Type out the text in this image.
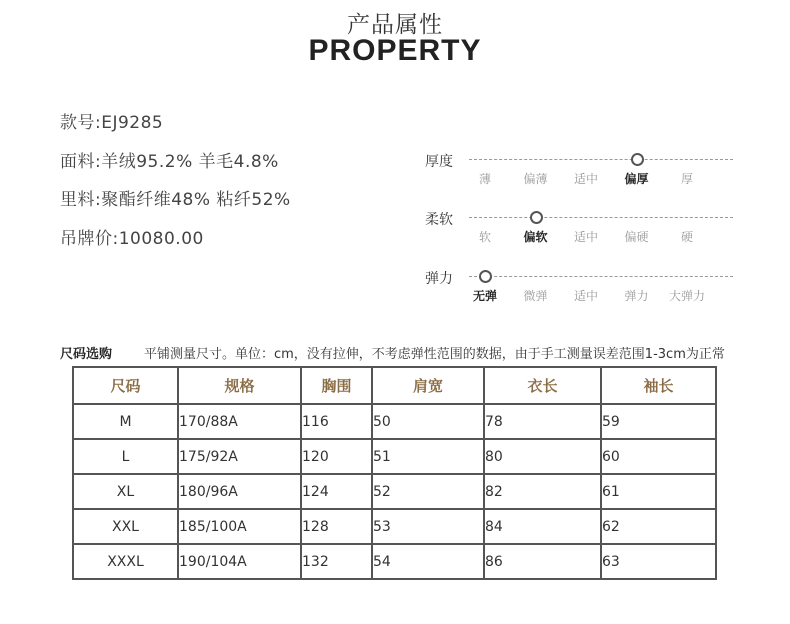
产品属性
PROPERTY
款号:EJ9285
面料:羊绒95.2% 羊毛4.8%
里料:聚酯纤维48% 粘纤52%
吊牌价:10080.00
厚度
薄	偏薄 适中 偏厚	厚
柔软
软	偏软 适中 偏硬	硬
弹力
无弹 微弹 适中 弹力 大弹力
尺码选购 平铺测量尺寸。单位：cm，没有拉伸，不考虑弹性范围的数据，由于手工测量误差范围1-3cm为正常
尺码	规格	胸围	肩宽	衣长	袖长
M	170/88A	116	50	78	59
L	175/92A	120	51	80	60
XL	180/96A	124	52	82	61
XXL	185/100A	128	53	84	62
XXXL	190/104A	132	54	86	63
